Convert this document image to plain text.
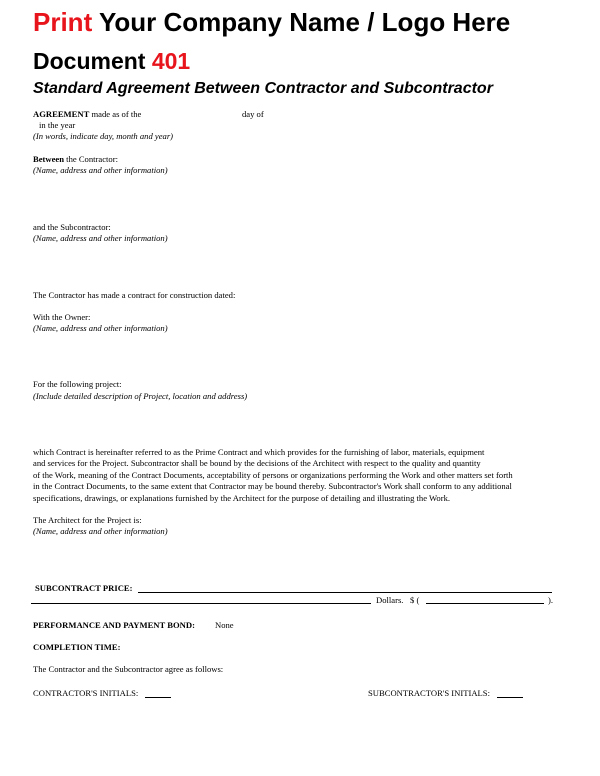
Print Your Company Name / Logo Here
Document 401
Standard Agreement Between Contractor and Subcontractor
AGREEMENT made as of the	day of
in the year
(In words, indicate day, month and year)
Between the Contractor:
(Name, address and other information)
and the Subcontractor:
(Name, address and other information)
The Contractor has made a contract for construction dated:
With the Owner:
(Name, address and other information)
For the following project:
(Include detailed description of Project, location and address)
which Contract is hereinafter referred to as the Prime Contract and which provides for the furnishing of labor, materials, equipment
and services for the Project. Subcontractor shall be bound by the decisions of the Architect with respect to the quality and quantity
of the Work, meaning of the Contract Documents, acceptability of persons or organizations performing the Work and other matters set forth
in the Contract Documents, to the same extent that Contractor may be bound thereby. Subcontractor's Work shall conform to any additional
specifications, drawings, or explanations furnished by the Architect for the purpose of detailing and illustrating the Work.
The Architect for the Project is:
(Name, address and other information)
SUBCONTRACT PRICE:
Dollars. $ (	).
PERFORMANCE AND PAYMENT BOND: None
COMPLETION TIME:
The Contractor and the Subcontractor agree as follows:
CONTRACTOR'S INITIALS:	SUBCONTRACTOR'S INITIALS:
